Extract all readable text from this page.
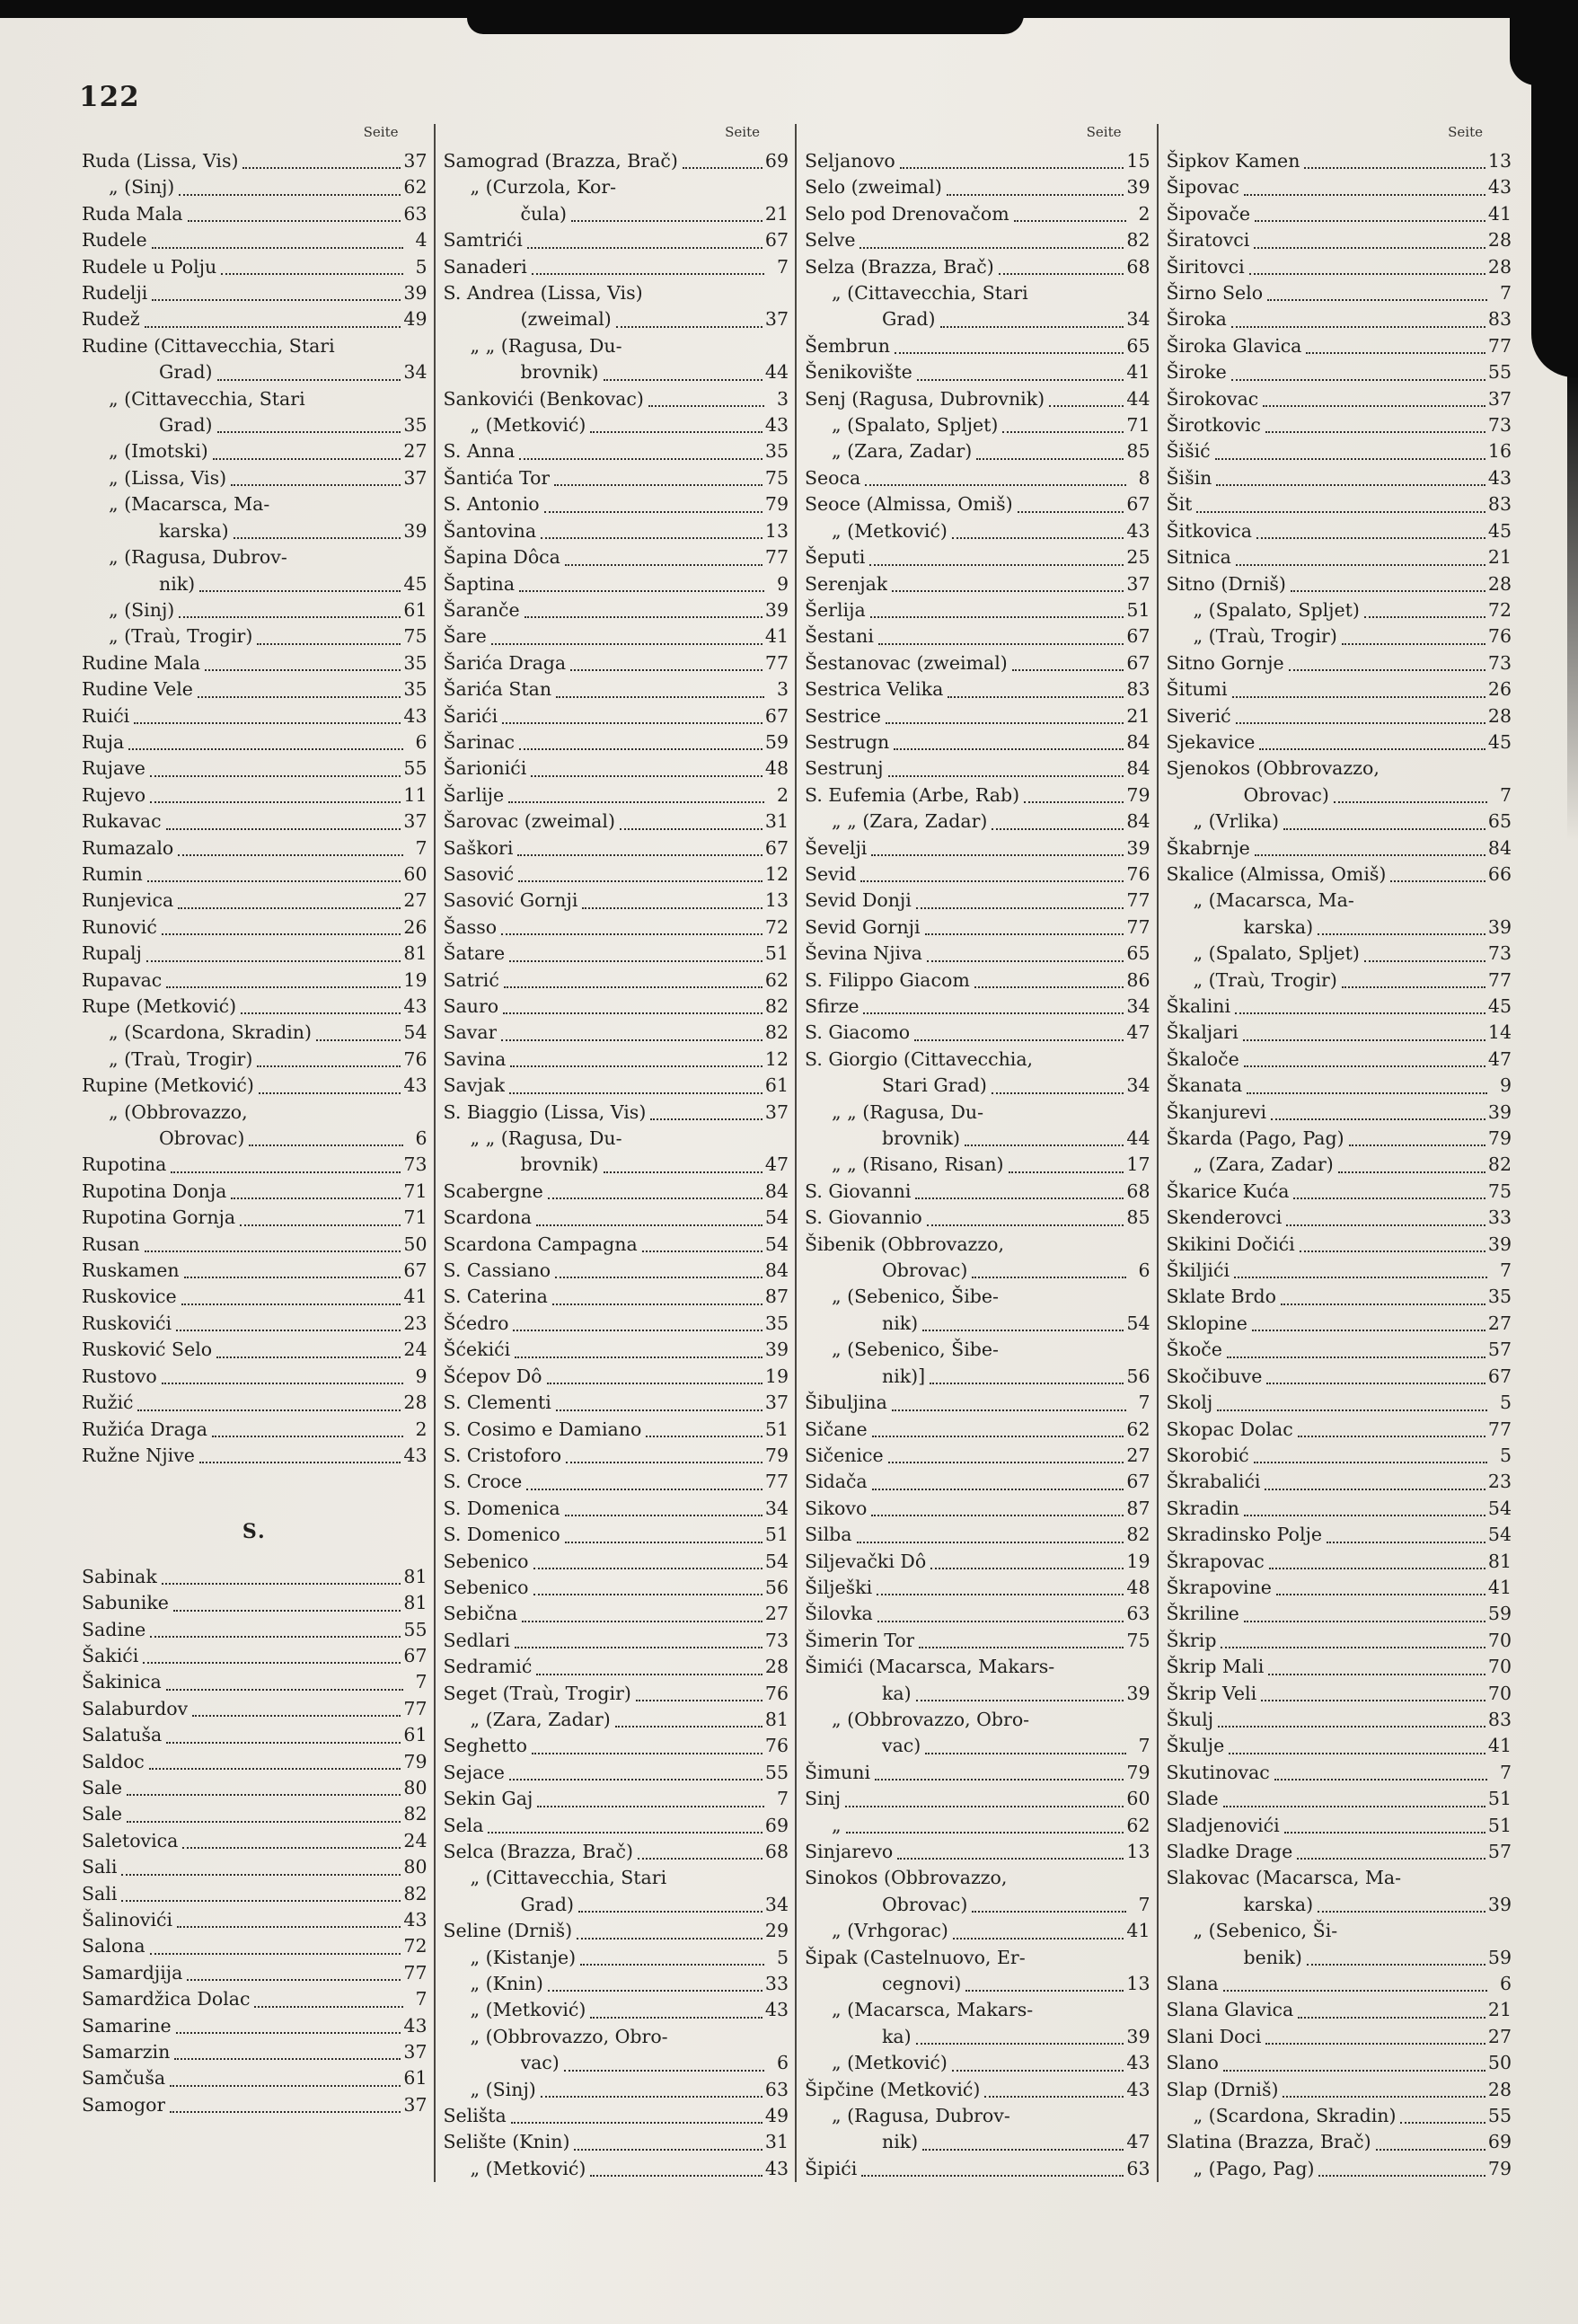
122
Seite
Ruda (Lissa, Vis)	37
„ (Sinj)	62
Ruda Mala	63
Rudele	4
Rudele u Polju	5
Rudelji	39
Rudež	49
Rudine (Cittavecchia, Stari
Grad)	34
„ (Cittavecchia, Stari
Grad)	35
„ (Imotski)	27
„ (Lissa, Vis)	37
„ (Macarsca, Ma-
karska)	39
„ (Ragusa, Dubrov-
nik)	45
„ (Sinj)	61
„ (Traù, Trogir)	75
Rudine Mala	35
Rudine Vele	35
Ruići	43
Ruja	6
Rujave	55
Rujevo	11
Rukavac	37
Rumazalo	7
Rumin	60
Runjevica	27
Runović	26
Rupalj	81
Rupavac	19
Rupe (Metković)	43
„ (Scardona, Skradin)	54
„ (Traù, Trogir)	76
Rupine (Metković)	43
„ (Obbrovazzo,
Obrovac)	6
Rupotina	73
Rupotina Donja	71
Rupotina Gornja	71
Rusan	50
Ruskamen	67
Ruskovice	41
Ruskovići	23
Rusković Selo	24
Rustovo	9
Ružić	28
Ružića Draga	2
Ružne Njive	43
S.
Sabinak	81
Sabunike	81
Sadine	55
Šakići	67
Šakinica	7
Salaburdov	77
Salatuša	61
Saldoc	79
Sale	80
Sale	82
Saletovica	24
Sali	80
Sali	82
Šalinovići	43
Salona	72
Samardjija	77
Samardžica Dolac	7
Samarine	43
Samarzin	37
Samčuša	61
Samogor	37
Seite
Samograd (Brazza, Brač)	69
„ (Curzola, Kor-
čula)	21
Samtrići	67
Sanaderi	7
S. Andrea (Lissa, Vis)
(zweimal)	37
„ „ (Ragusa, Du-
brovnik)	44
Sankovići (Benkovac)	3
„ (Metković)	43
S. Anna	35
Šantića Tor	75
S. Antonio	79
Šantovina	13
Šapina Dôca	77
Šaptina	9
Šaranče	39
Šare	41
Šarića Draga	77
Šarića Stan	3
Šarići	67
Šarinac	59
Šarionići	48
Šarlije	2
Šarovac (zweimal)	31
Saškori	67
Sasović	12
Sasović Gornji	13
Šasso	72
Šatare	51
Satrić	62
Sauro	82
Savar	82
Savina	12
Savjak	61
S. Biaggio (Lissa, Vis)	37
„ „ (Ragusa, Du-
brovnik)	47
Scabergne	84
Scardona	54
Scardona Campagna	54
S. Cassiano	84
S. Caterina	87
Šćedro	35
Šćekići	39
Šćepov Dô	19
S. Clementi	37
S. Cosimo e Damiano	51
S. Cristoforo	79
S. Croce	77
S. Domenica	34
S. Domenico	51
Sebenico	54
Sebenico	56
Sebična	27
Sedlari	73
Sedramić	28
Seget (Traù, Trogir)	76
„ (Zara, Zadar)	81
Seghetto	76
Sejace	55
Sekin Gaj	7
Sela	69
Selca (Brazza, Brač)	68
„ (Cittavecchia, Stari
Grad)	34
Seline (Drniš)	29
„ (Kistanje)	5
„ (Knin)	33
„ (Metković)	43
„ (Obbrovazzo, Obro-
vac)	6
„ (Sinj)	63
Selišta	49
Selište (Knin)	31
„ (Metković)	43
Seite
Seljanovo	15
Selo (zweimal)	39
Selo pod Drenovačom	2
Selve	82
Selza (Brazza, Brač)	68
„ (Cittavecchia, Stari
Grad)	34
Šembrun	65
Šenikovište	41
Senj (Ragusa, Dubrovnik)	44
„ (Spalato, Spljet)	71
„ (Zara, Zadar)	85
Seoca	8
Seoce (Almissa, Omiš)	67
„ (Metković)	43
Šeputi	25
Serenjak	37
Šerlija	51
Šestani	67
Šestanovac (zweimal)	67
Sestrica Velika	83
Sestrice	21
Sestrugn	84
Sestrunj	84
S. Eufemia (Arbe, Rab)	79
„ „ (Zara, Zadar)	84
Ševelji	39
Sevid	76
Sevid Donji	77
Sevid Gornji	77
Ševina Njiva	65
S. Filippo Giacom	86
Sfirze	34
S. Giacomo	47
S. Giorgio (Cittavecchia,
Stari Grad)	34
„ „ (Ragusa, Du-
brovnik)	44
„ „ (Risano, Risan)	17
S. Giovanni	68
S. Giovannio	85
Šibenik (Obbrovazzo,
Obrovac)	6
„ (Sebenico, Šibe-
nik)	54
„ (Sebenico, Šibe-
nik)]	56
Šibuljina	7
Sičane	62
Sičenice	27
Sidača	67
Sikovo	87
Silba	82
Siljevački Dô	19
Šilješki	48
Šilovka	63
Šimerin Tor	75
Šimići (Macarsca, Makars-
ka)	39
„ (Obbrovazzo, Obro-
vac)	7
Šimuni	79
Sinj	60
„	62
Sinjarevo	13
Sinokos (Obbrovazzo,
Obrovac)	7
„ (Vrhgorac)	41
Šipak (Castelnuovo, Er-
cegnovi)	13
„ (Macarsca, Makars-
ka)	39
„ (Metković)	43
Šipčine (Metković)	43
„ (Ragusa, Dubrov-
nik)	47
Šipići	63
Seite
Šipkov Kamen	13
Šipovac	43
Šipovače	41
Širatovci	28
Širitovci	28
Širno Selo	7
Široka	83
Široka Glavica	77
Široke	55
Širokovac	37
Širotkovic	73
Šišić	16
Šišin	43
Šit	83
Šitkovica	45
Sitnica	21
Sitno (Drniš)	28
„ (Spalato, Spljet)	72
„ (Traù, Trogir)	76
Sitno Gornje	73
Šitumi	26
Siverić	28
Sjekavice	45
Sjenokos (Obbrovazzo,
Obrovac)	7
„ (Vrlika)	65
Škabrnje	84
Skalice (Almissa, Omiš)	66
„ (Macarsca, Ma-
karska)	39
„ (Spalato, Spljet)	73
„ (Traù, Trogir)	77
Škalini	45
Škaljari	14
Škaloče	47
Škanata	9
Škanjurevi	39
Škarda (Pago, Pag)	79
„ (Zara, Zadar)	82
Škarice Kuća	75
Skenderovci	33
Skikini Dočići	39
Škiljići	7
Sklate Brdo	35
Sklopine	27
Škoče	57
Skočibuve	67
Skolj	5
Skopac Dolac	77
Skorobić	5
Škrabalići	23
Skradin	54
Skradinsko Polje	54
Škrapovac	81
Škrapovine	41
Škriline	59
Škrip	70
Škrip Mali	70
Škrip Veli	70
Škulj	83
Škulje	41
Skutinovac	7
Slade	51
Sladjenovići	51
Sladke Drage	57
Slakovac (Macarsca, Ma-
karska)	39
„ (Sebenico, Ši-
benik)	59
Slana	6
Slana Glavica	21
Slani Doci	27
Slano	50
Slap (Drniš)	28
„ (Scardona, Skradin)	55
Slatina (Brazza, Brač)	69
„ (Pago, Pag)	79
